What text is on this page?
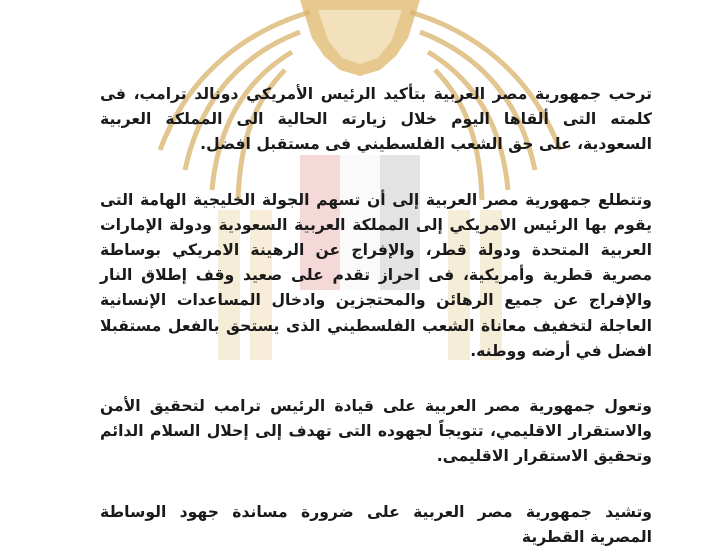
ترحب جمهورية مصر العربية بتأكيد الرئيس الأمريكي دونالد ترامب، فى كلمته التى ألقاها اليوم خلال زيارته الحالية الى المملكة العربية السعودية، على حق الشعب الفلسطيني فى مستقبل افضل.

وتتطلع جمهورية مصر العربية إلى أن تسهم الجولة الخليجية الهامة التى يقوم بها الرئيس الامريكي إلى المملكة العربية السعودية ودولة الإمارات العربية المتحدة ودولة قطر، والإفراج عن الرهينة الامريكي بوساطة مصرية قطرية وأمريكية، فى احراز تقدم على صعيد وقف إطلاق النار والإفراج عن جميع الرهائن والمحتجزين وادخال المساعدات الإنسانية العاجلة لتخفيف معاناة الشعب الفلسطيني الذى يستحق بالفعل مستقبلا افضل في أرضه ووطنه.

وتعول جمهورية مصر العربية على قيادة الرئيس ترامب لتحقيق الأمن والاستقرار الاقليمي، تتويجاً لجهوده التى تهدف إلى إحلال السلام الدائم وتحقيق الاستقرار الاقليمى.

وتشيد جمهورية مصر العربية على ضرورة مساندة جهود الوساطة المصرية القطرية
